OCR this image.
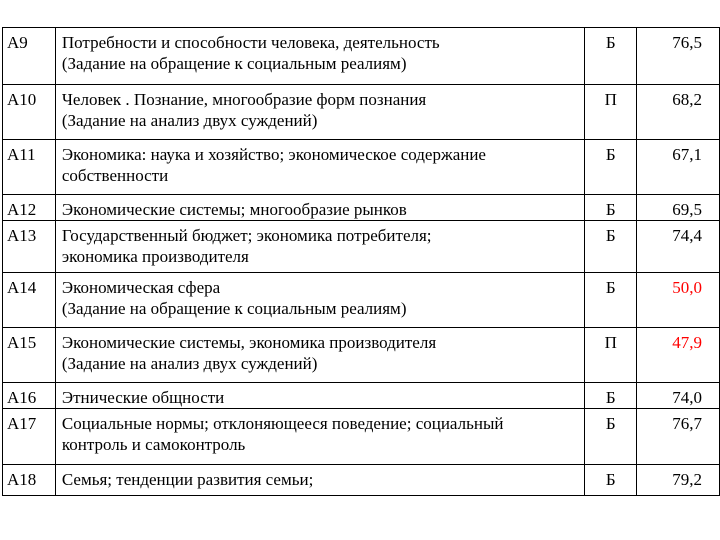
A9	Потребности и способности человека, деятельность
(Задание на обращение к социальным реалиям)	Б	76,5
A10	Человек . Познание, многообразие форм познания
(Задание на анализ двух суждений)	П	68,2
A11	Экономика: наука и хозяйство; экономическое содержание
собственности	Б	67,1
A12	Экономические системы; многообразие рынков	Б	69,5
A13	Государственный бюджет; экономика потребителя;
экономика производителя	Б	74,4
A14	Экономическая сфера
(Задание на обращение к социальным реалиям)	Б	50,0
A15	Экономические системы, экономика производителя
(Задание на анализ двух суждений)	П	47,9
A16	Этнические общности	Б	74,0
A17	Социальные нормы; отклоняющееся поведение; социальный
контроль и самоконтроль	Б	76,7
A18	Семья; тенденции развития семьи;	Б	79,2
